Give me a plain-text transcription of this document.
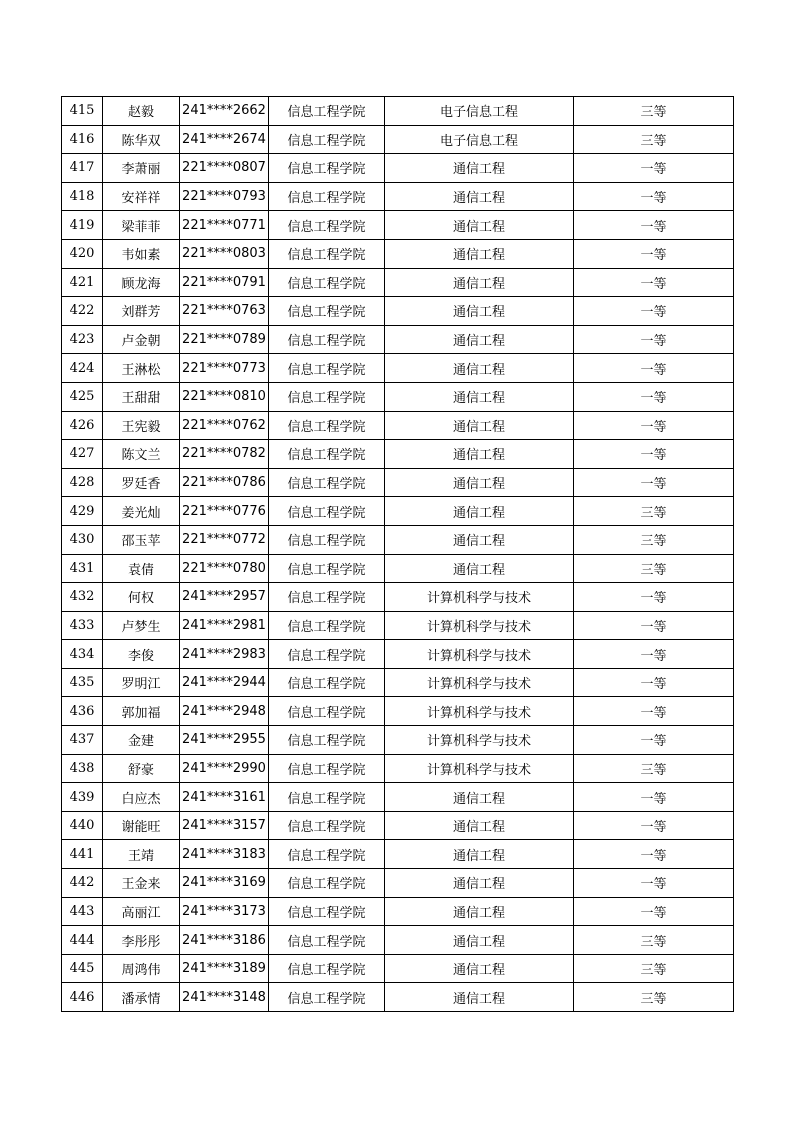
415	赵毅	241****2662	信息工程学院	电子信息工程	三等
416	陈华双	241****2674	信息工程学院	电子信息工程	三等
417	李萧丽	221****0807	信息工程学院	通信工程	一等
418	安祥祥	221****0793	信息工程学院	通信工程	一等
419	梁菲菲	221****0771	信息工程学院	通信工程	一等
420	韦如素	221****0803	信息工程学院	通信工程	一等
421	顾龙海	221****0791	信息工程学院	通信工程	一等
422	刘群芳	221****0763	信息工程学院	通信工程	一等
423	卢金朝	221****0789	信息工程学院	通信工程	一等
424	王淋松	221****0773	信息工程学院	通信工程	一等
425	王甜甜	221****0810	信息工程学院	通信工程	一等
426	王宪毅	221****0762	信息工程学院	通信工程	一等
427	陈文兰	221****0782	信息工程学院	通信工程	一等
428	罗廷香	221****0786	信息工程学院	通信工程	一等
429	姜光灿	221****0776	信息工程学院	通信工程	三等
430	邵玉苹	221****0772	信息工程学院	通信工程	三等
431	袁倩	221****0780	信息工程学院	通信工程	三等
432	何权	241****2957	信息工程学院	计算机科学与技术	一等
433	卢梦生	241****2981	信息工程学院	计算机科学与技术	一等
434	李俊	241****2983	信息工程学院	计算机科学与技术	一等
435	罗明江	241****2944	信息工程学院	计算机科学与技术	一等
436	郭加福	241****2948	信息工程学院	计算机科学与技术	一等
437	金建	241****2955	信息工程学院	计算机科学与技术	一等
438	舒豪	241****2990	信息工程学院	计算机科学与技术	三等
439	白应杰	241****3161	信息工程学院	通信工程	一等
440	谢能旺	241****3157	信息工程学院	通信工程	一等
441	王靖	241****3183	信息工程学院	通信工程	一等
442	王金来	241****3169	信息工程学院	通信工程	一等
443	高丽江	241****3173	信息工程学院	通信工程	一等
444	李彤彤	241****3186	信息工程学院	通信工程	三等
445	周鸿伟	241****3189	信息工程学院	通信工程	三等
446	潘承情	241****3148	信息工程学院	通信工程	三等
